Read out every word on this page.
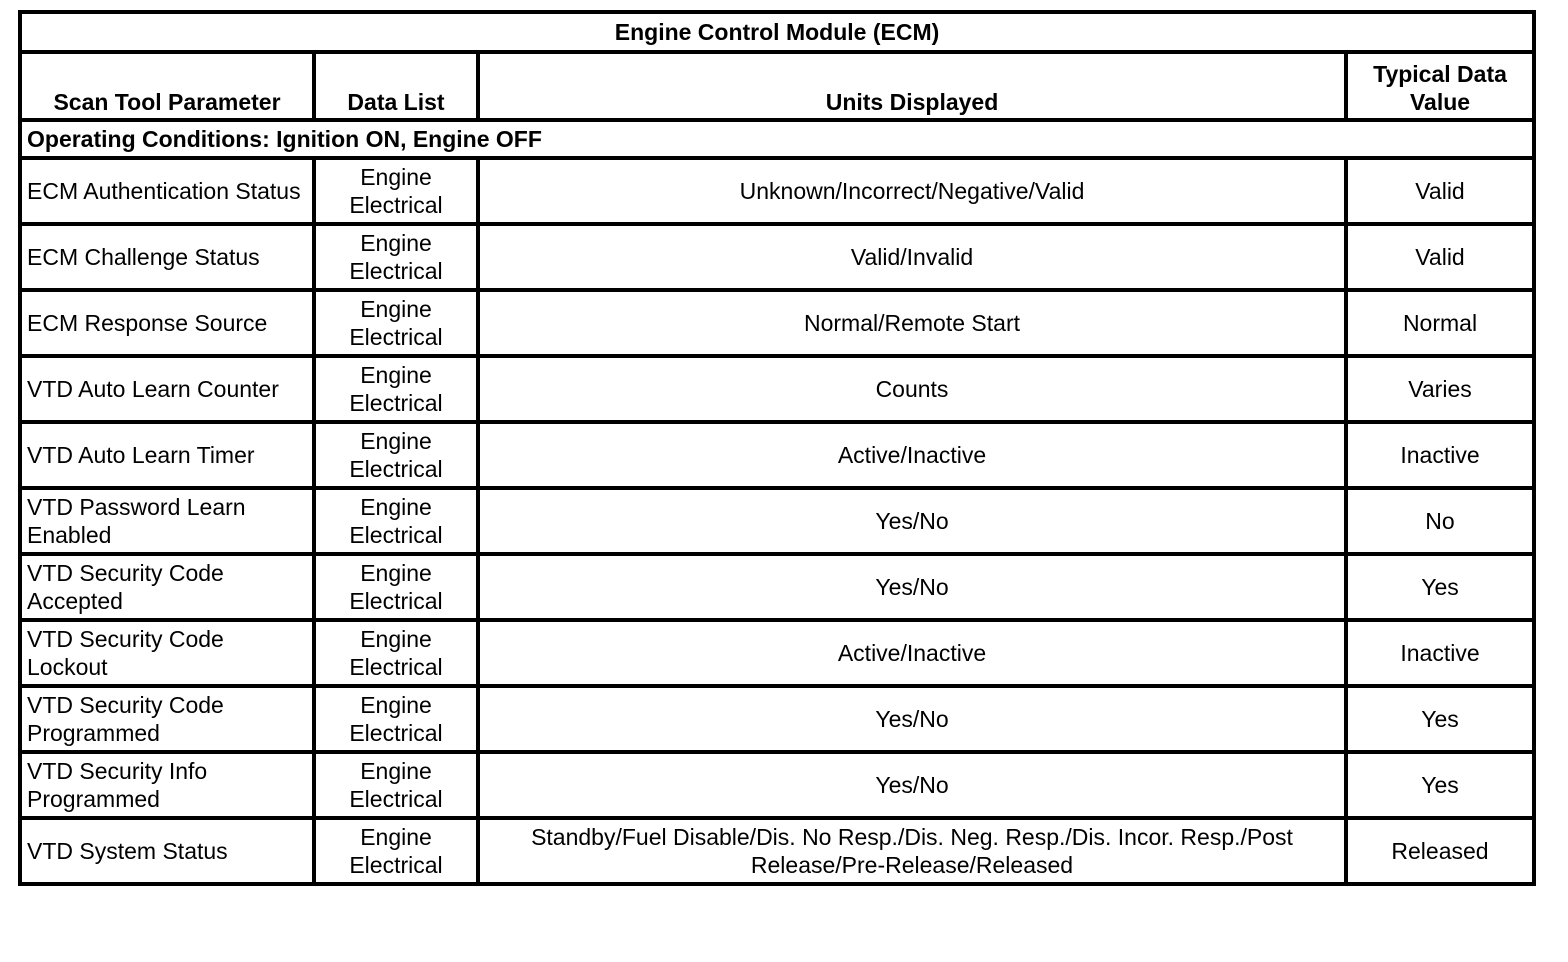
Engine Control Module (ECM)			
Scan Tool Parameter	Data List	Units Displayed	Typical Data Value
Operating Conditions: Ignition ON, Engine OFF			
ECM Authentication Status	Engine Electrical	Unknown/Incorrect/Negative/Valid	Valid
ECM Challenge Status	Engine Electrical	Valid/Invalid	Valid
ECM Response Source	Engine Electrical	Normal/Remote Start	Normal
VTD Auto Learn Counter	Engine Electrical	Counts	Varies
VTD Auto Learn Timer	Engine Electrical	Active/Inactive	Inactive
VTD Password Learn Enabled	Engine Electrical	Yes/No	No
VTD Security Code Accepted	Engine Electrical	Yes/No	Yes
VTD Security Code Lockout	Engine Electrical	Active/Inactive	Inactive
VTD Security Code Programmed	Engine Electrical	Yes/No	Yes
VTD Security Info Programmed	Engine Electrical	Yes/No	Yes
VTD System Status	Engine Electrical	Standby/Fuel Disable/Dis. No Resp./Dis. Neg. Resp./Dis. Incor. Resp./Post Release/Pre-Release/Released	Released
